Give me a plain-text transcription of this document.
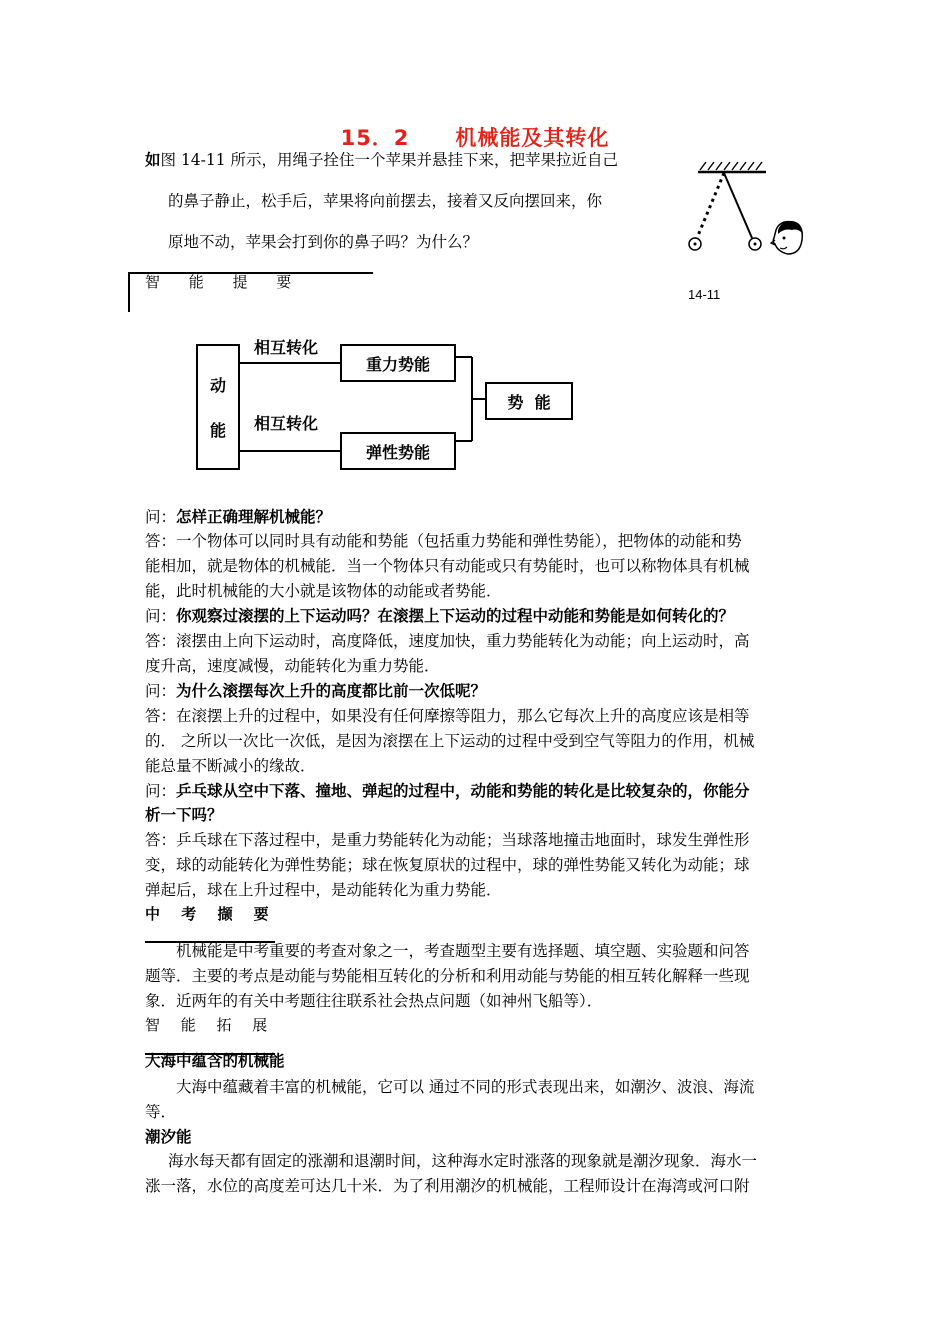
15．2 机械能及其转化
如图 14-11 所示，用绳子拴住一个苹果并悬挂下来，把苹果拉近自己
的鼻子静止，松手后，苹果将向前摆去，接着又反向摆回来，你
原地不动，苹果会打到你的鼻子吗？为什么？
14-11
智 能 提 要
动
能
相互转化
相互转化
重力势能
弹性势能
势  能
问：怎样正确理解机械能？
答：一个物体可以同时具有动能和势能（包括重力势能和弹性势能），把物体的动能和势
能相加，就是物体的机械能．当一个物体只有动能或只有势能时，也可以称物体具有机械
能，此时机械能的大小就是该物体的动能或者势能．
问：你观察过滚摆的上下运动吗？在滚摆上下运动的过程中动能和势能是如何转化的？
答：滚摆由上向下运动时，高度降低，速度加快，重力势能转化为动能；向上运动时，高
度升高，速度减慢，动能转化为重力势能．
问：为什么滚摆每次上升的高度都比前一次低呢？
答：在滚摆上升的过程中，如果没有任何摩擦等阻力，那么它每次上升的高度应该是相等
的． 之所以一次比一次低，是因为滚摆在上下运动的过程中受到空气等阻力的作用，机械
能总量不断减小的缘故．
问：乒乓球从空中下落、撞地、弹起的过程中，动能和势能的转化是比较复杂的，你能分
析一下吗？
答：乒乓球在下落过程中，是重力势能转化为动能；当球落地撞击地面时，球发生弹性形
变，球的动能转化为弹性势能；球在恢复原状的过程中，球的弹性势能又转化为动能；球
弹起后，球在上升过程中，是动能转化为重力势能．
中 考 撷 要
机械能是中考重要的考查对象之一，考查题型主要有选择题、填空题、实验题和问答
题等．主要的考点是动能与势能相互转化的分析和利用动能与势能的相互转化解释一些现
象．近两年的有关中考题往往联系社会热点问题（如神州飞船等）．
智 能 拓 展
大海中蕴含的机械能
大海中蕴藏着丰富的机械能，它可以 通过不同的形式表现出来，如潮汐、波浪、海流
等．
潮汐能
海水每天都有固定的涨潮和退潮时间，这种海水定时涨落的现象就是潮汐现象．海水一
涨一落，水位的高度差可达几十米．为了利用潮汐的机械能，工程师设计在海湾或河口附
